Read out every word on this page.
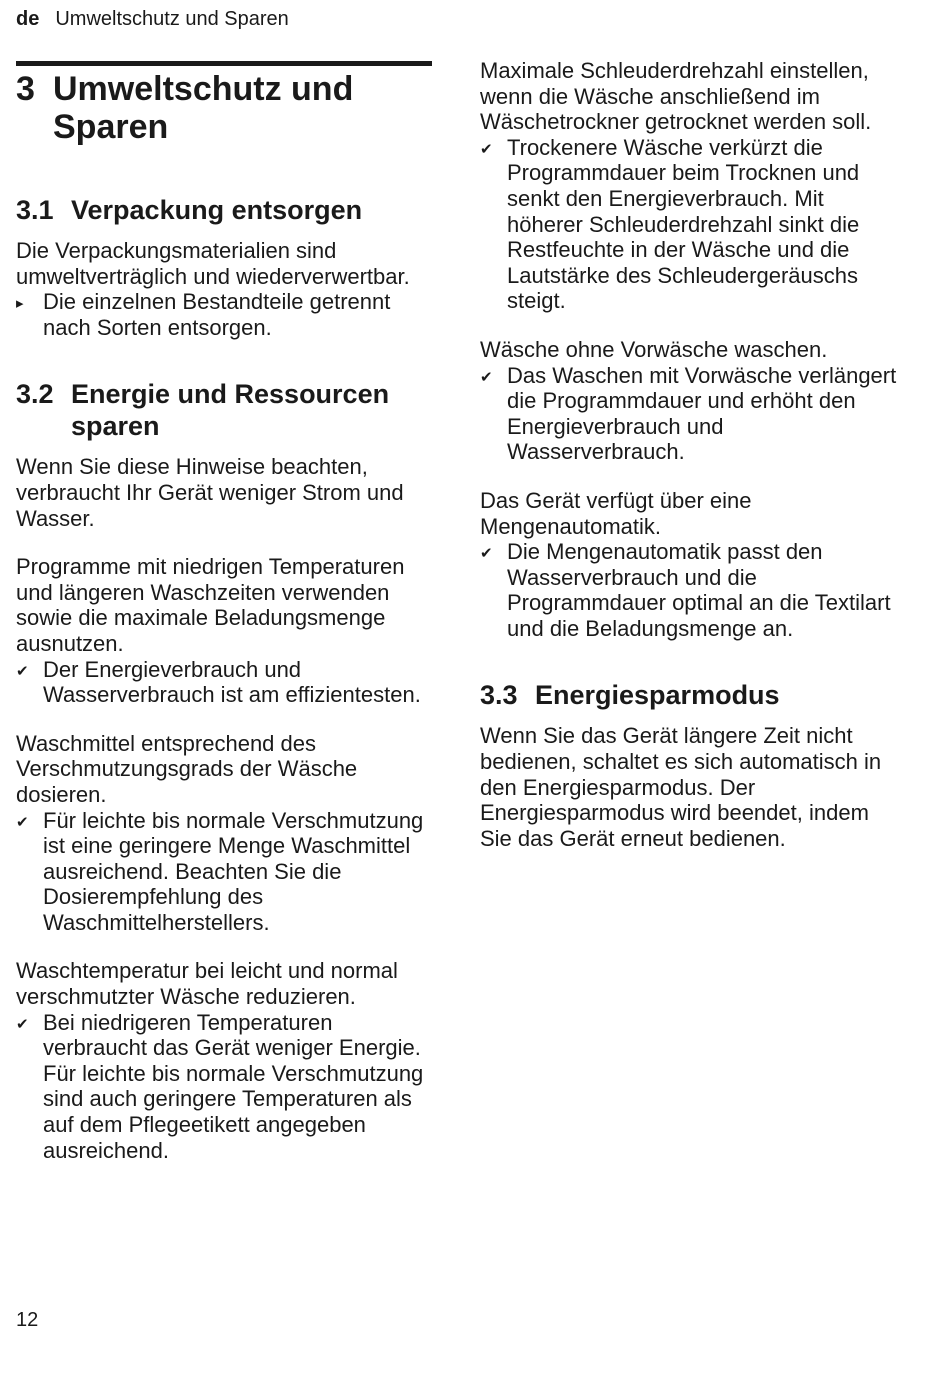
de Umweltschutz und Sparen
3 Umweltschutz und Sparen
3.1 Verpackung entsorgen

Die Verpackungsmaterialien sind umweltverträglich und wiederverwertbar.

▸ Die einzelnen Bestandteile getrennt nach Sorten entsorgen.
3.2 Energie und Ressourcen sparen

Wenn Sie diese Hinweise beachten, verbraucht Ihr Gerät weniger Strom und Wasser.

Programme mit niedrigen Temperaturen und längeren Waschzeiten verwenden sowie die maximale Beladungsmenge ausnutzen.

✔ Der Energieverbrauch und Wasserverbrauch ist am effizientesten.

Waschmittel entsprechend des Verschmutzungsgrads der Wäsche dosieren.

✔ Für leichte bis normale Verschmutzung ist eine geringere Menge Waschmittel ausreichend. Beachten Sie die Dosierempfehlung des Waschmittelherstellers.

Waschtemperatur bei leicht und normal verschmutzter Wäsche reduzieren.

✔ Bei niedrigeren Temperaturen verbraucht das Gerät weniger Energie. Für leichte bis normale Verschmutzung sind auch geringere Temperaturen als auf dem Pflegeetikett angegeben ausreichend.

Maximale Schleuderdrehzahl einstellen, wenn die Wäsche anschließend im Wäschetrockner getrocknet werden soll.

✔ Trockenere Wäsche verkürzt die Programmdauer beim Trocknen und senkt den Energieverbrauch. Mit höherer Schleuderdrehzahl sinkt die Restfeuchte in der Wäsche und die Lautstärke des Schleudergeräuschs steigt.

Wäsche ohne Vorwäsche waschen.

✔ Das Waschen mit Vorwäsche verlängert die Programmdauer und erhöht den Energieverbrauch und Wasserverbrauch.

Das Gerät verfügt über eine Mengenautomatik.

✔ Die Mengenautomatik passt den Wasserverbrauch und die Programmdauer optimal an die Textilart und die Beladungsmenge an.
3.3 Energiesparmodus

Wenn Sie das Gerät längere Zeit nicht bedienen, schaltet es sich automatisch in den Energiesparmodus. Der Energiesparmodus wird beendet, indem Sie das Gerät erneut bedienen.

12
